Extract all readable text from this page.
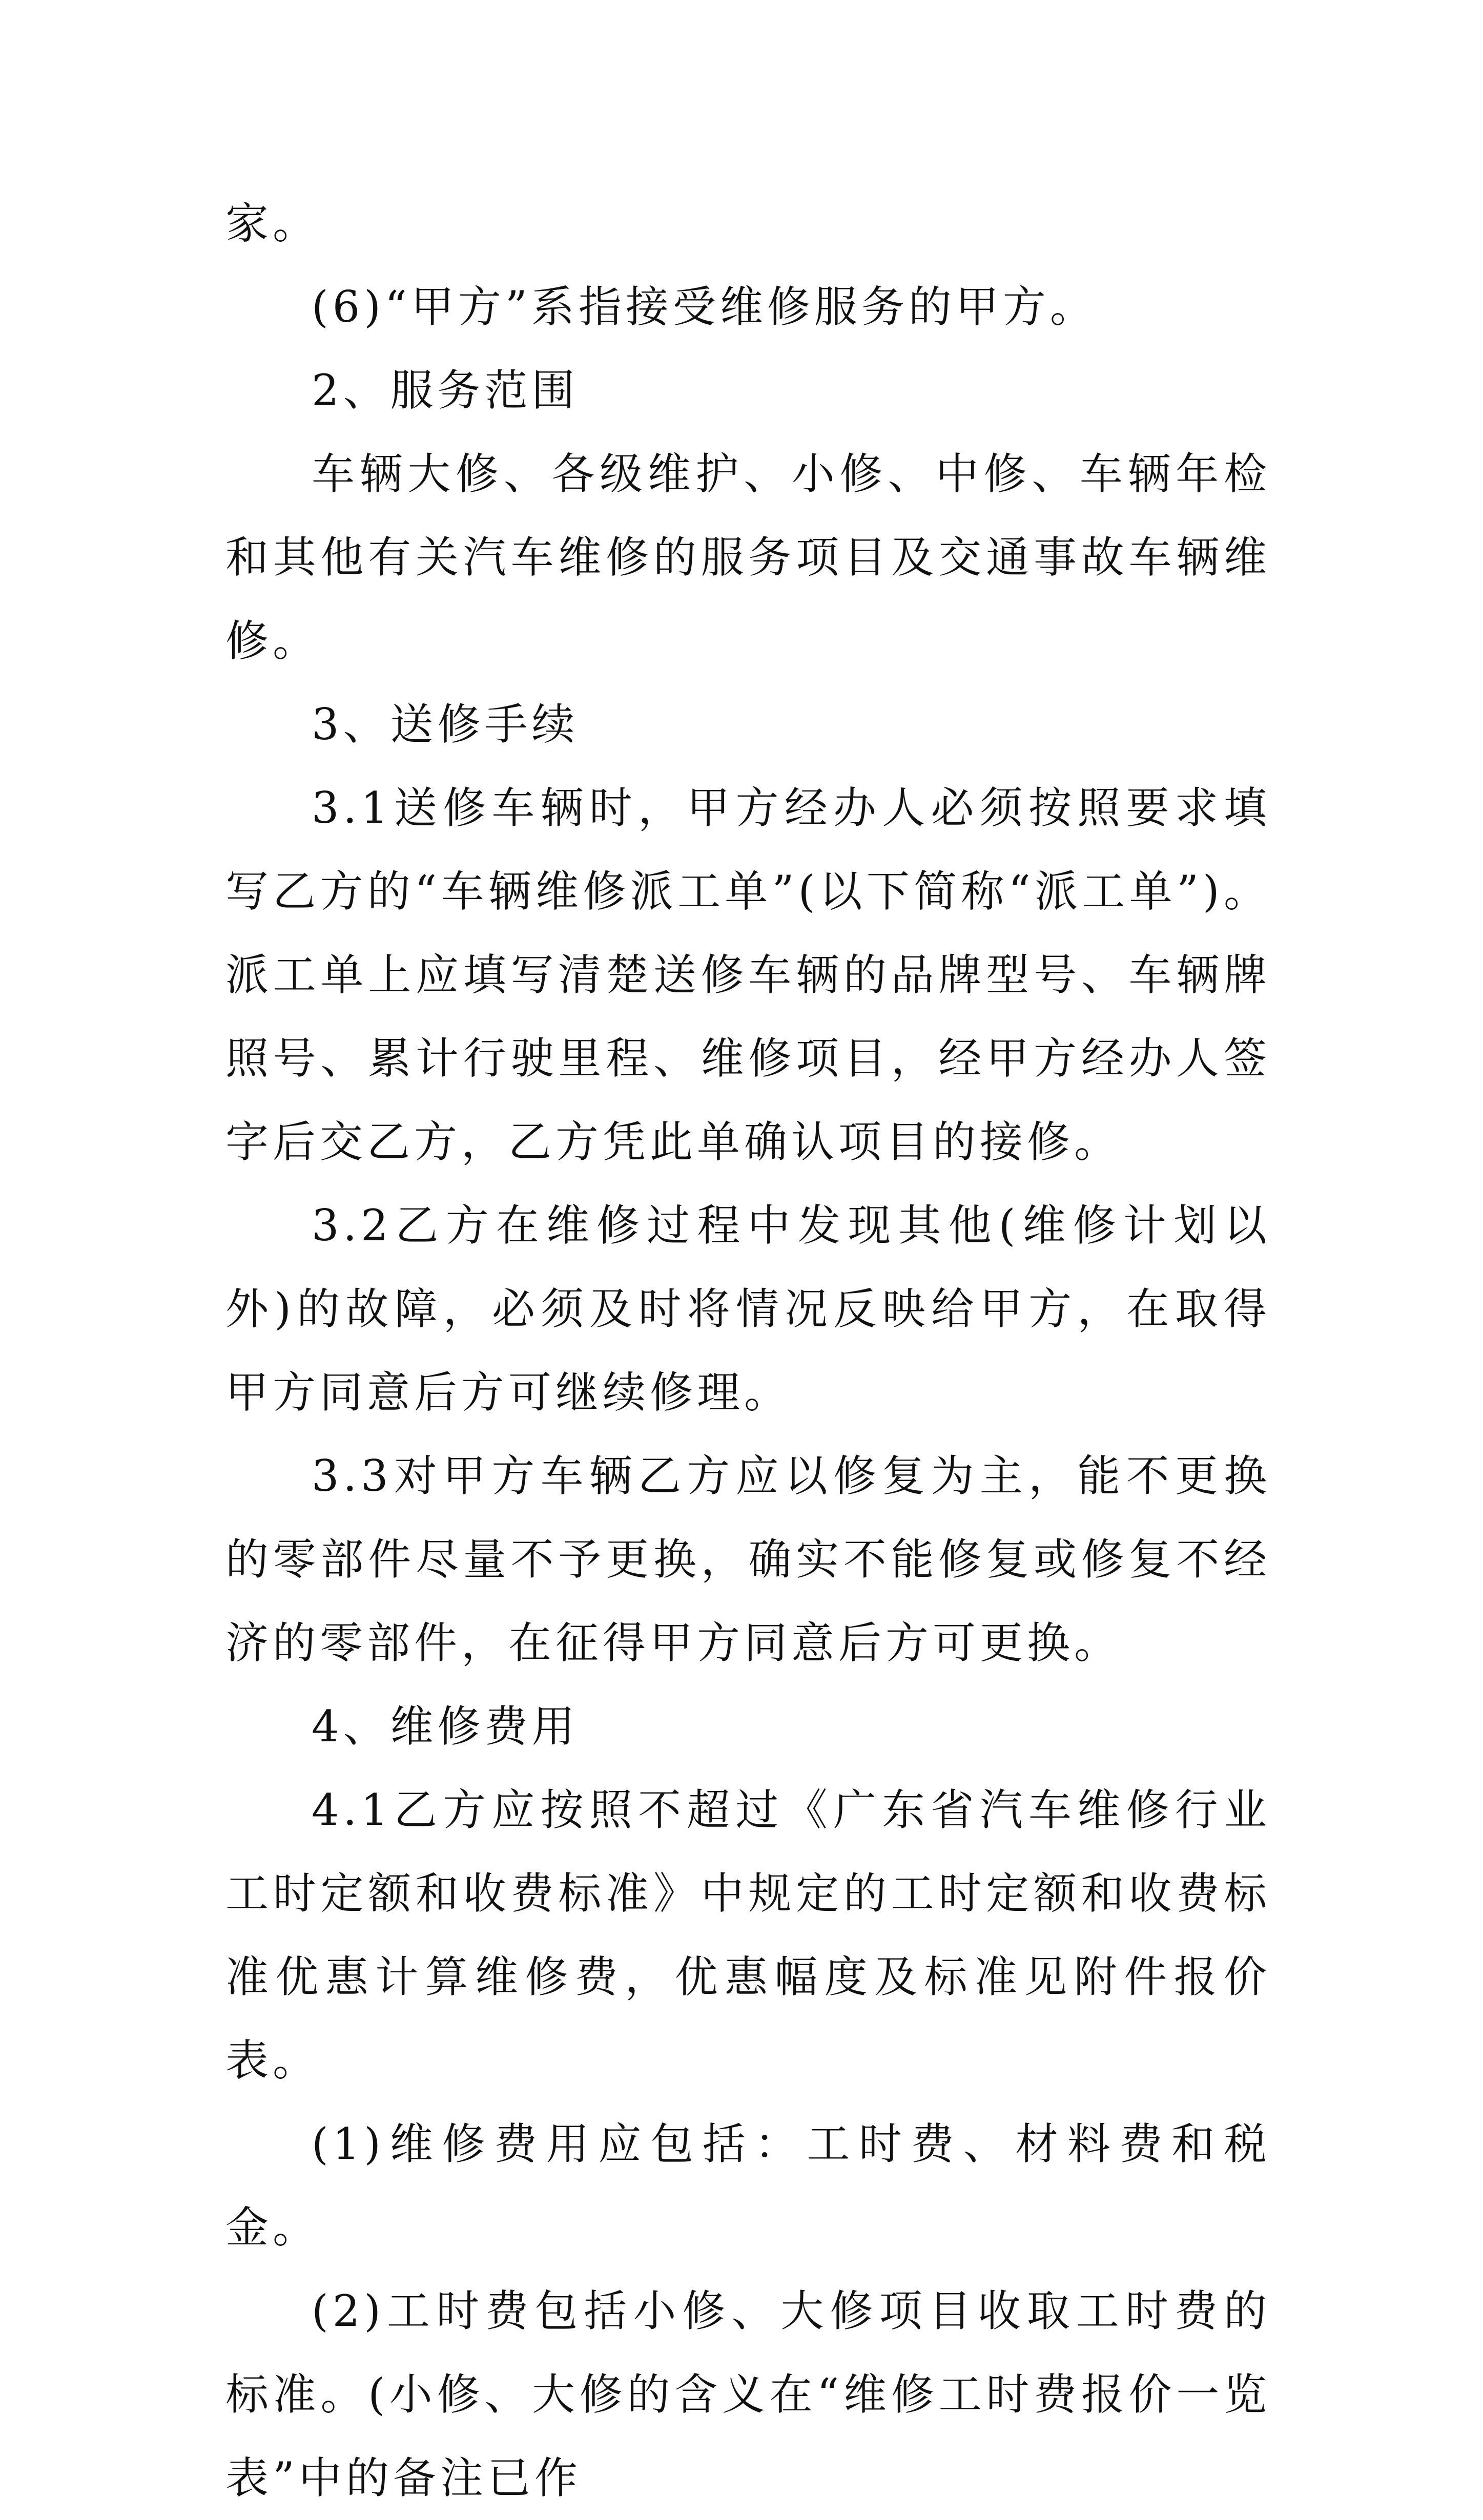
家。

(6)“甲方”系指接受维修服务的甲方。

2、服务范围

车辆大修、各级维护、小修、中修、车辆年检和其他有关汽车维修的服务项目及交通事故车辆维修。

3、送修手续

3.1送修车辆时，甲方经办人必须按照要求填写乙方的“车辆维修派工单”(以下简称“派工单”)。派工单上应填写清楚送修车辆的品牌型号、车辆牌照号、累计行驶里程、维修项目，经甲方经办人签字后交乙方，乙方凭此单确认项目的接修。

3.2乙方在维修过程中发现其他(维修计划以外)的故障，必须及时将情况反映给甲方，在取得甲方同意后方可继续修理。

3.3对甲方车辆乙方应以修复为主，能不更换的零部件尽量不予更换，确实不能修复或修复不经济的零部件，在征得甲方同意后方可更换。

4、维修费用

4.1乙方应按照不超过《广东省汽车维修行业工时定额和收费标准》中规定的工时定额和收费标准优惠计算维修费，优惠幅度及标准见附件报价表。

(1)维修费用应包括：工时费、材料费和税金。

(2)工时费包括小修、大修项目收取工时费的标准。(小修、大修的含义在“维修工时费报价一览表”中的备注已作
